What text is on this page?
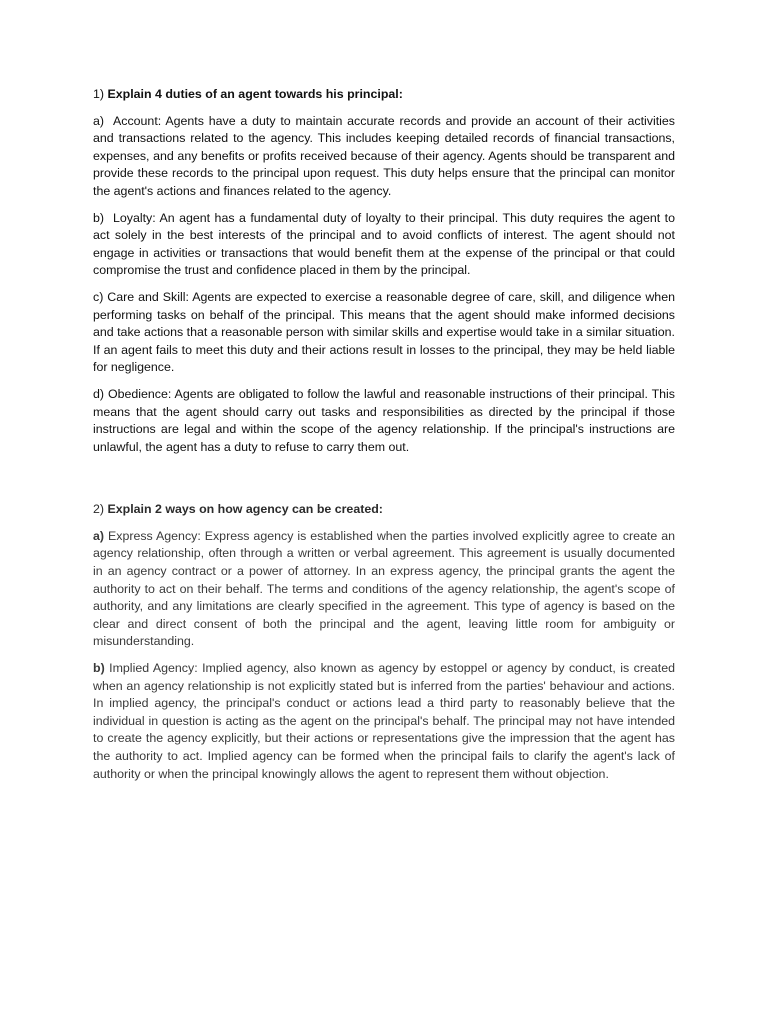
1) Explain 4 duties of an agent towards his principal:

a) Account: Agents have a duty to maintain accurate records and provide an account of their activities and transactions related to the agency. This includes keeping detailed records of financial transactions, expenses, and any benefits or profits received because of their agency. Agents should be transparent and provide these records to the principal upon request. This duty helps ensure that the principal can monitor the agent's actions and finances related to the agency.

b) Loyalty: An agent has a fundamental duty of loyalty to their principal. This duty requires the agent to act solely in the best interests of the principal and to avoid conflicts of interest. The agent should not engage in activities or transactions that would benefit them at the expense of the principal or that could compromise the trust and confidence placed in them by the principal.

c) Care and Skill: Agents are expected to exercise a reasonable degree of care, skill, and diligence when performing tasks on behalf of the principal. This means that the agent should make informed decisions and take actions that a reasonable person with similar skills and expertise would take in a similar situation. If an agent fails to meet this duty and their actions result in losses to the principal, they may be held liable for negligence.

d) Obedience: Agents are obligated to follow the lawful and reasonable instructions of their principal. This means that the agent should carry out tasks and responsibilities as directed by the principal if those instructions are legal and within the scope of the agency relationship. If the principal's instructions are unlawful, the agent has a duty to refuse to carry them out.

2) Explain 2 ways on how agency can be created:

a) Express Agency: Express agency is established when the parties involved explicitly agree to create an agency relationship, often through a written or verbal agreement. This agreement is usually documented in an agency contract or a power of attorney. In an express agency, the principal grants the agent the authority to act on their behalf. The terms and conditions of the agency relationship, the agent's scope of authority, and any limitations are clearly specified in the agreement. This type of agency is based on the clear and direct consent of both the principal and the agent, leaving little room for ambiguity or misunderstanding.

b) Implied Agency: Implied agency, also known as agency by estoppel or agency by conduct, is created when an agency relationship is not explicitly stated but is inferred from the parties' behaviour and actions. In implied agency, the principal's conduct or actions lead a third party to reasonably believe that the individual in question is acting as the agent on the principal's behalf. The principal may not have intended to create the agency explicitly, but their actions or representations give the impression that the agent has the authority to act. Implied agency can be formed when the principal fails to clarify the agent's lack of authority or when the principal knowingly allows the agent to represent them without objection.
